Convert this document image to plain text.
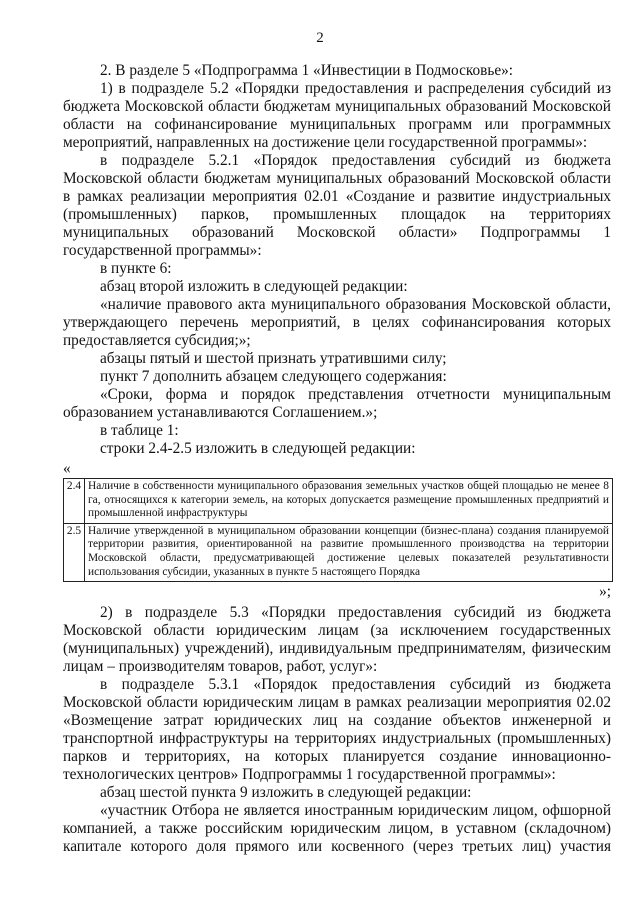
2

2. В разделе 5 «Подпрограмма 1 «Инвестиции в Подмосковье»:

1) в подразделе 5.2 «Порядки предоставления и распределения субсидий из бюджета Московской области бюджетам муниципальных образований Московской области на софинансирование муниципальных программ или программных мероприятий, направленных на достижение цели государственной программы»:

в подразделе 5.2.1 «Порядок предоставления субсидий из бюджета Московской области бюджетам муниципальных образований Московской области в рамках реализации мероприятия 02.01 «Создание и развитие индустриальных (промышленных) парков, промышленных площадок на территориях муниципальных образований Московской области» Подпрограммы 1 государственной программы»:

в пункте 6:

абзац второй изложить в следующей редакции:

«наличие правового акта муниципального образования Московской области, утверждающего перечень мероприятий, в целях софинансирования которых предоставляется субсидия;»;

абзацы пятый и шестой признать утратившими силу;

пункт 7 дополнить абзацем следующего содержания:

«Сроки, форма и порядок представления отчетности муниципальным образованием устанавливаются Соглашением.»;

в таблице 1:

строки 2.4-2.5 изложить в следующей редакции:

«
2.4	Наличие в собственности муниципального образования земельных участков общей площадью не менее 8 га, относящихся к категории земель, на которых допускается размещение промышленных предприятий и промышленной инфраструктуры
2.5	Наличие утвержденной в муниципальном образовании концепции (бизнес-плана) создания планируемой территории развития, ориентированной на развитие промышленного производства на территории Московской области, предусматривающей достижение целевых показателей результативности использования субсидии, указанных в пункте 5 настоящего Порядка
»;

2) в подразделе 5.3 «Порядки предоставления субсидий из бюджета Московской области юридическим лицам (за исключением государственных (муниципальных) учреждений), индивидуальным предпринимателям, физическим лицам – производителям товаров, работ, услуг»:

в подразделе 5.3.1 «Порядок предоставления субсидий из бюджета Московской области юридическим лицам в рамках реализации мероприятия 02.02 «Возмещение затрат юридических лиц на создание объектов инженерной и транспортной инфраструктуры на территориях индустриальных (промышленных) парков и территориях, на которых планируется создание инновационно-технологических центров» Подпрограммы 1 государственной программы»:

абзац шестой пункта 9 изложить в следующей редакции:

«участник Отбора не является иностранным юридическим лицом, офшорной компанией, а также российским юридическим лицом, в уставном (складочном) капитале которого доля прямого или косвенного (через третьих лиц) участия
